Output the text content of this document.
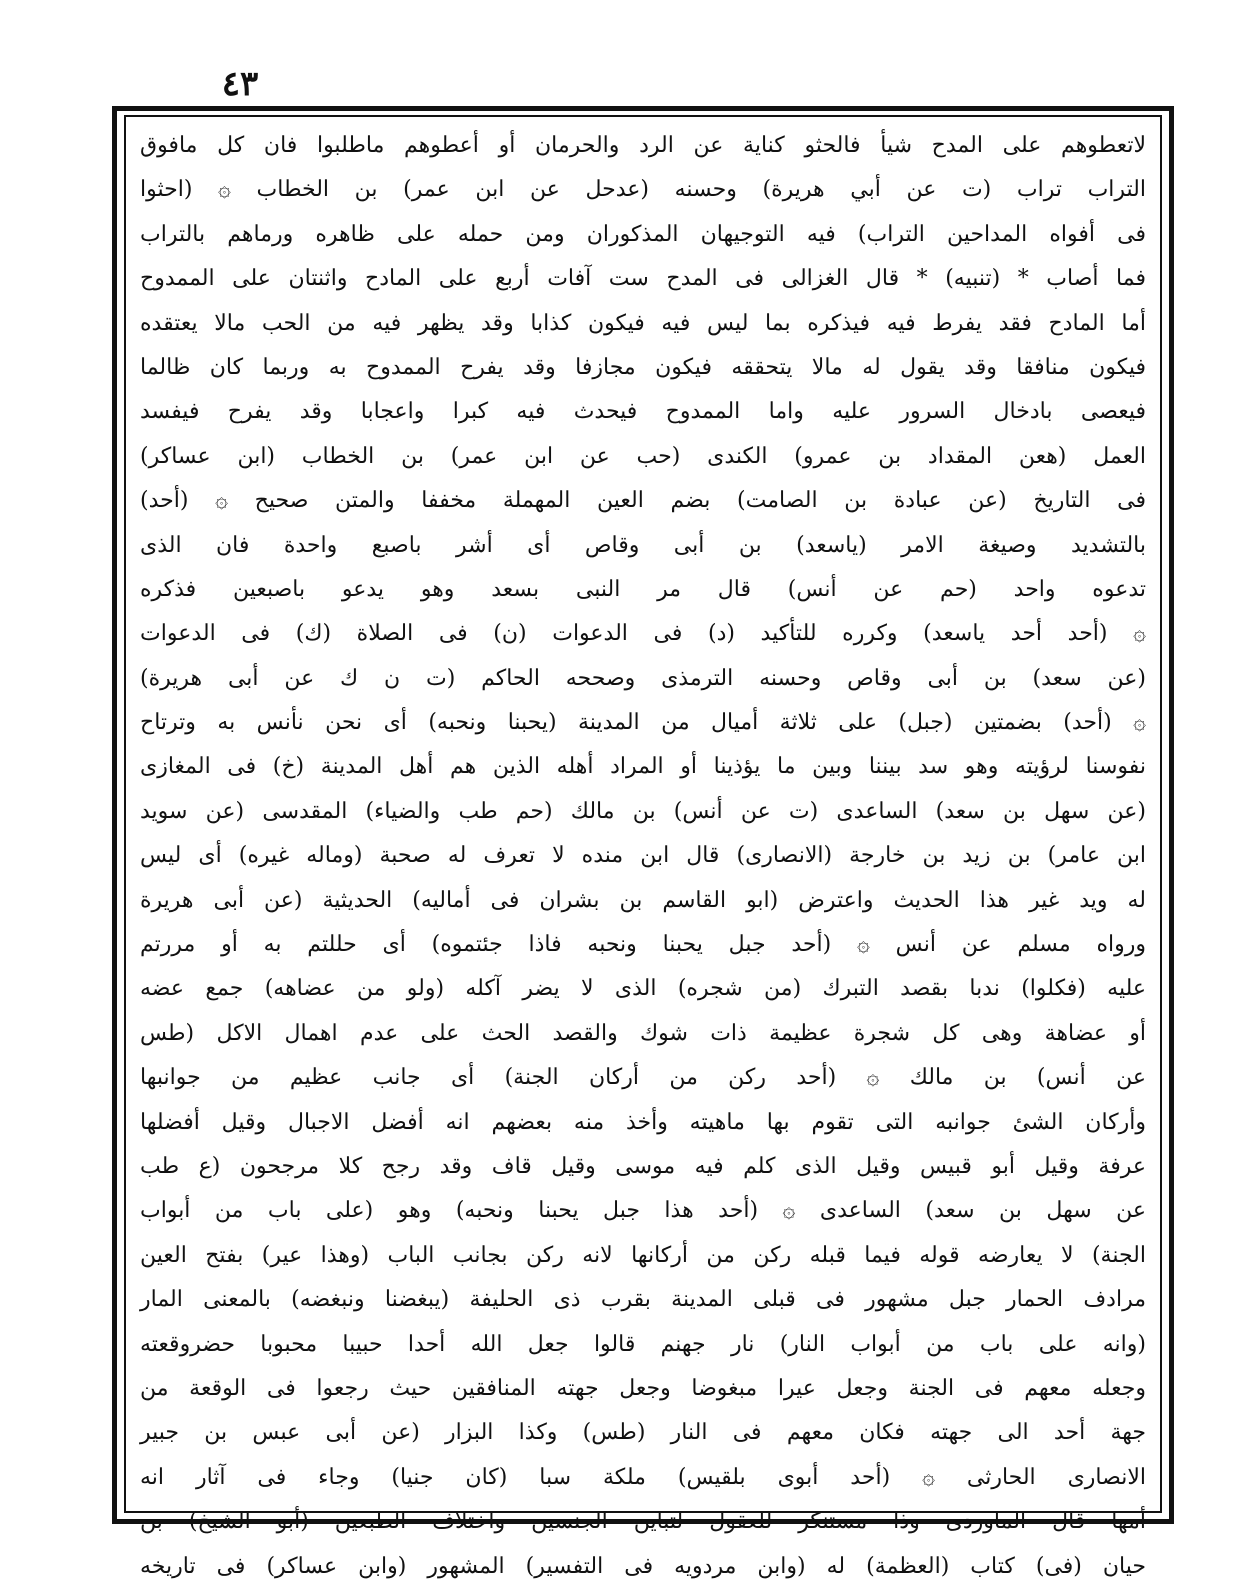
٤٣
لاتعطوهم على المدح شيأ فالحثو كناية عن الرد والحرمان أو أعطوهم ماطلبوا فان كل مافوق
التراب تراب (ت عن أبي هريرة) وحسنه (عدحل عن ابن عمر) بن الخطاب ۞ (احثوا
فى أفواه المداحين التراب) فيه التوجيهان المذكوران ومن حمله على ظاهره ورماهم بالتراب
فما أصاب * (تنبيه) * قال الغزالى فى المدح ست آفات أربع على المادح واثنتان على الممدوح
أما المادح فقد يفرط فيه فيذكره بما ليس فيه فيكون كذابا وقد يظهر فيه من الحب مالا يعتقده
فيكون منافقا وقد يقول له مالا يتحققه فيكون مجازفا وقد يفرح الممدوح به وربما كان ظالما
فيعصى بادخال السرور عليه واما الممدوح فيحدث فيه كبرا واعجابا وقد يفرح فيفسد
العمل (هعن المقداد بن عمرو) الكندى (حب عن ابن عمر) بن الخطاب (ابن عساكر)
فى التاريخ (عن عبادة بن الصامت) بضم العين المهملة مخففا والمتن صحيح ۞ (أحد)
بالتشديد وصيغة الامر (ياسعد) بن أبى وقاص أى أشر باصبع واحدة فان الذى
تدعوه واحد (حم عن أنس) قال مر النبى بسعد وهو يدعو باصبعين فذكره
۞ (أحد أحد ياسعد) وكرره للتأكيد (د) فى الدعوات (ن) فى الصلاة (ك) فى الدعوات
(عن سعد) بن أبى وقاص وحسنه الترمذى وصححه الحاكم (ت ن ك عن أبى هريرة)
۞ (أحد) بضمتين (جبل) على ثلاثة أميال من المدينة (يحبنا ونحبه) أى نحن نأنس به وترتاح
نفوسنا لرؤيته وهو سد بيننا وبين ما يؤذينا أو المراد أهله الذين هم أهل المدينة (خ) فى المغازى
(عن سهل بن سعد) الساعدى (ت عن أنس) بن مالك (حم طب والضياء) المقدسى (عن سويد
ابن عامر) بن زيد بن خارجة (الانصارى) قال ابن منده لا تعرف له صحبة (وماله غيره) أى ليس
له ويد غير هذا الحديث واعترض (ابو القاسم بن بشران فى أماليه) الحديثية (عن أبى هريرة
ورواه مسلم عن أنس ۞ (أحد جبل يحبنا ونحبه فاذا جئتموه) أى حللتم به أو مررتم
عليه (فكلوا) ندبا بقصد التبرك (من شجره) الذى لا يضر آكله (ولو من عضاهه) جمع عضه
أو عضاهة وهى كل شجرة عظيمة ذات شوك والقصد الحث على عدم اهمال الاكل (طس
عن أنس) بن مالك ۞ (أحد ركن من أركان الجنة) أى جانب عظيم من جوانبها
وأركان الشئ جوانبه التى تقوم بها ماهيته وأخذ منه بعضهم انه أفضل الاجبال وقيل أفضلها
عرفة وقيل أبو قبيس وقيل الذى كلم فيه موسى وقيل قاف وقد رجح كلا مرجحون (ع طب
عن سهل بن سعد) الساعدى ۞ (أحد هذا جبل يحبنا ونحبه) وهو (على باب من أبواب
الجنة) لا يعارضه قوله فيما قبله ركن من أركانها لانه ركن بجانب الباب (وهذا عير) بفتح العين
مرادف الحمار جبل مشهور فى قبلى المدينة بقرب ذى الحليفة (يبغضنا ونبغضه) بالمعنى المار
(وانه على باب من أبواب النار) نار جهنم قالوا جعل الله أحدا حبيبا محبوبا حضروقعته
وجعله معهم فى الجنة وجعل عيرا مبغوضا وجعل جهته المنافقين حيث رجعوا فى الوقعة من
جهة أحد الى جهته فكان معهم فى النار (طس) وكذا البزار (عن أبى عبس بن جبير
الانصارى الحارثى ۞ (أحد أبوى بلقيس) ملكة سبا (كان جنيا) وجاء فى آثار انه
أمها قال الماوردى وذا مستنكر للعقول لتباين الجنسين واختلاف الطبعين (أبو الشيخ) بن
حيان (فى) كتاب (العظمة) له (وابن مردويه فى التفسير) المشهور (وابن عساكر) فى تاريخه
